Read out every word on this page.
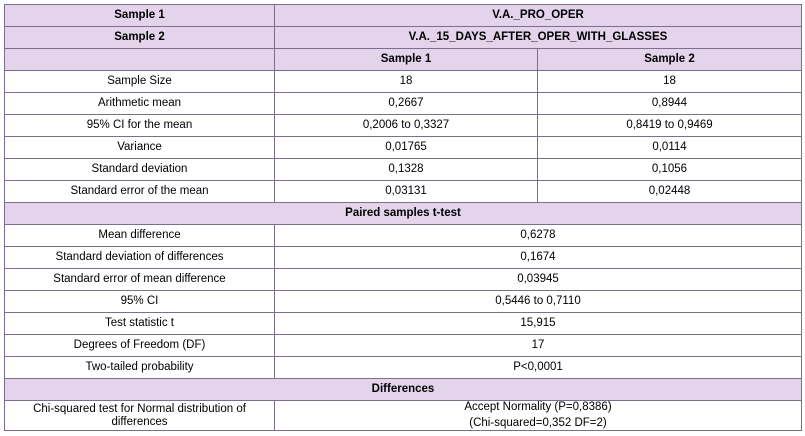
Sample 1	V.A._PRO_OPER	
Sample 2	V.A._15_DAYS_AFTER_OPER_WITH_GLASSES	
	Sample 1	Sample 2
Sample Size	18	18
Arithmetic mean	0,2667	0,8944
95% CI for the mean	0,2006 to 0,3327	0,8419 to 0,9469
Variance	0,01765	0,0114
Standard deviation	0,1328	0,1056
Standard error of the mean	0,03131	0,02448
Paired samples t-test		
Mean difference	0,6278	
Standard deviation of differences	0,1674	
Standard error of mean difference	0,03945	
95% CI	0,5446 to 0,7110	
Test statistic t	15,915	
Degrees of Freedom (DF)	17	
Two-tailed probability	P<0,0001	
Differences		
Chi-squared test for Normal distribution of differences	Accept Normality (P=0,8386)
(Chi-squared=0,352 DF=2)	
